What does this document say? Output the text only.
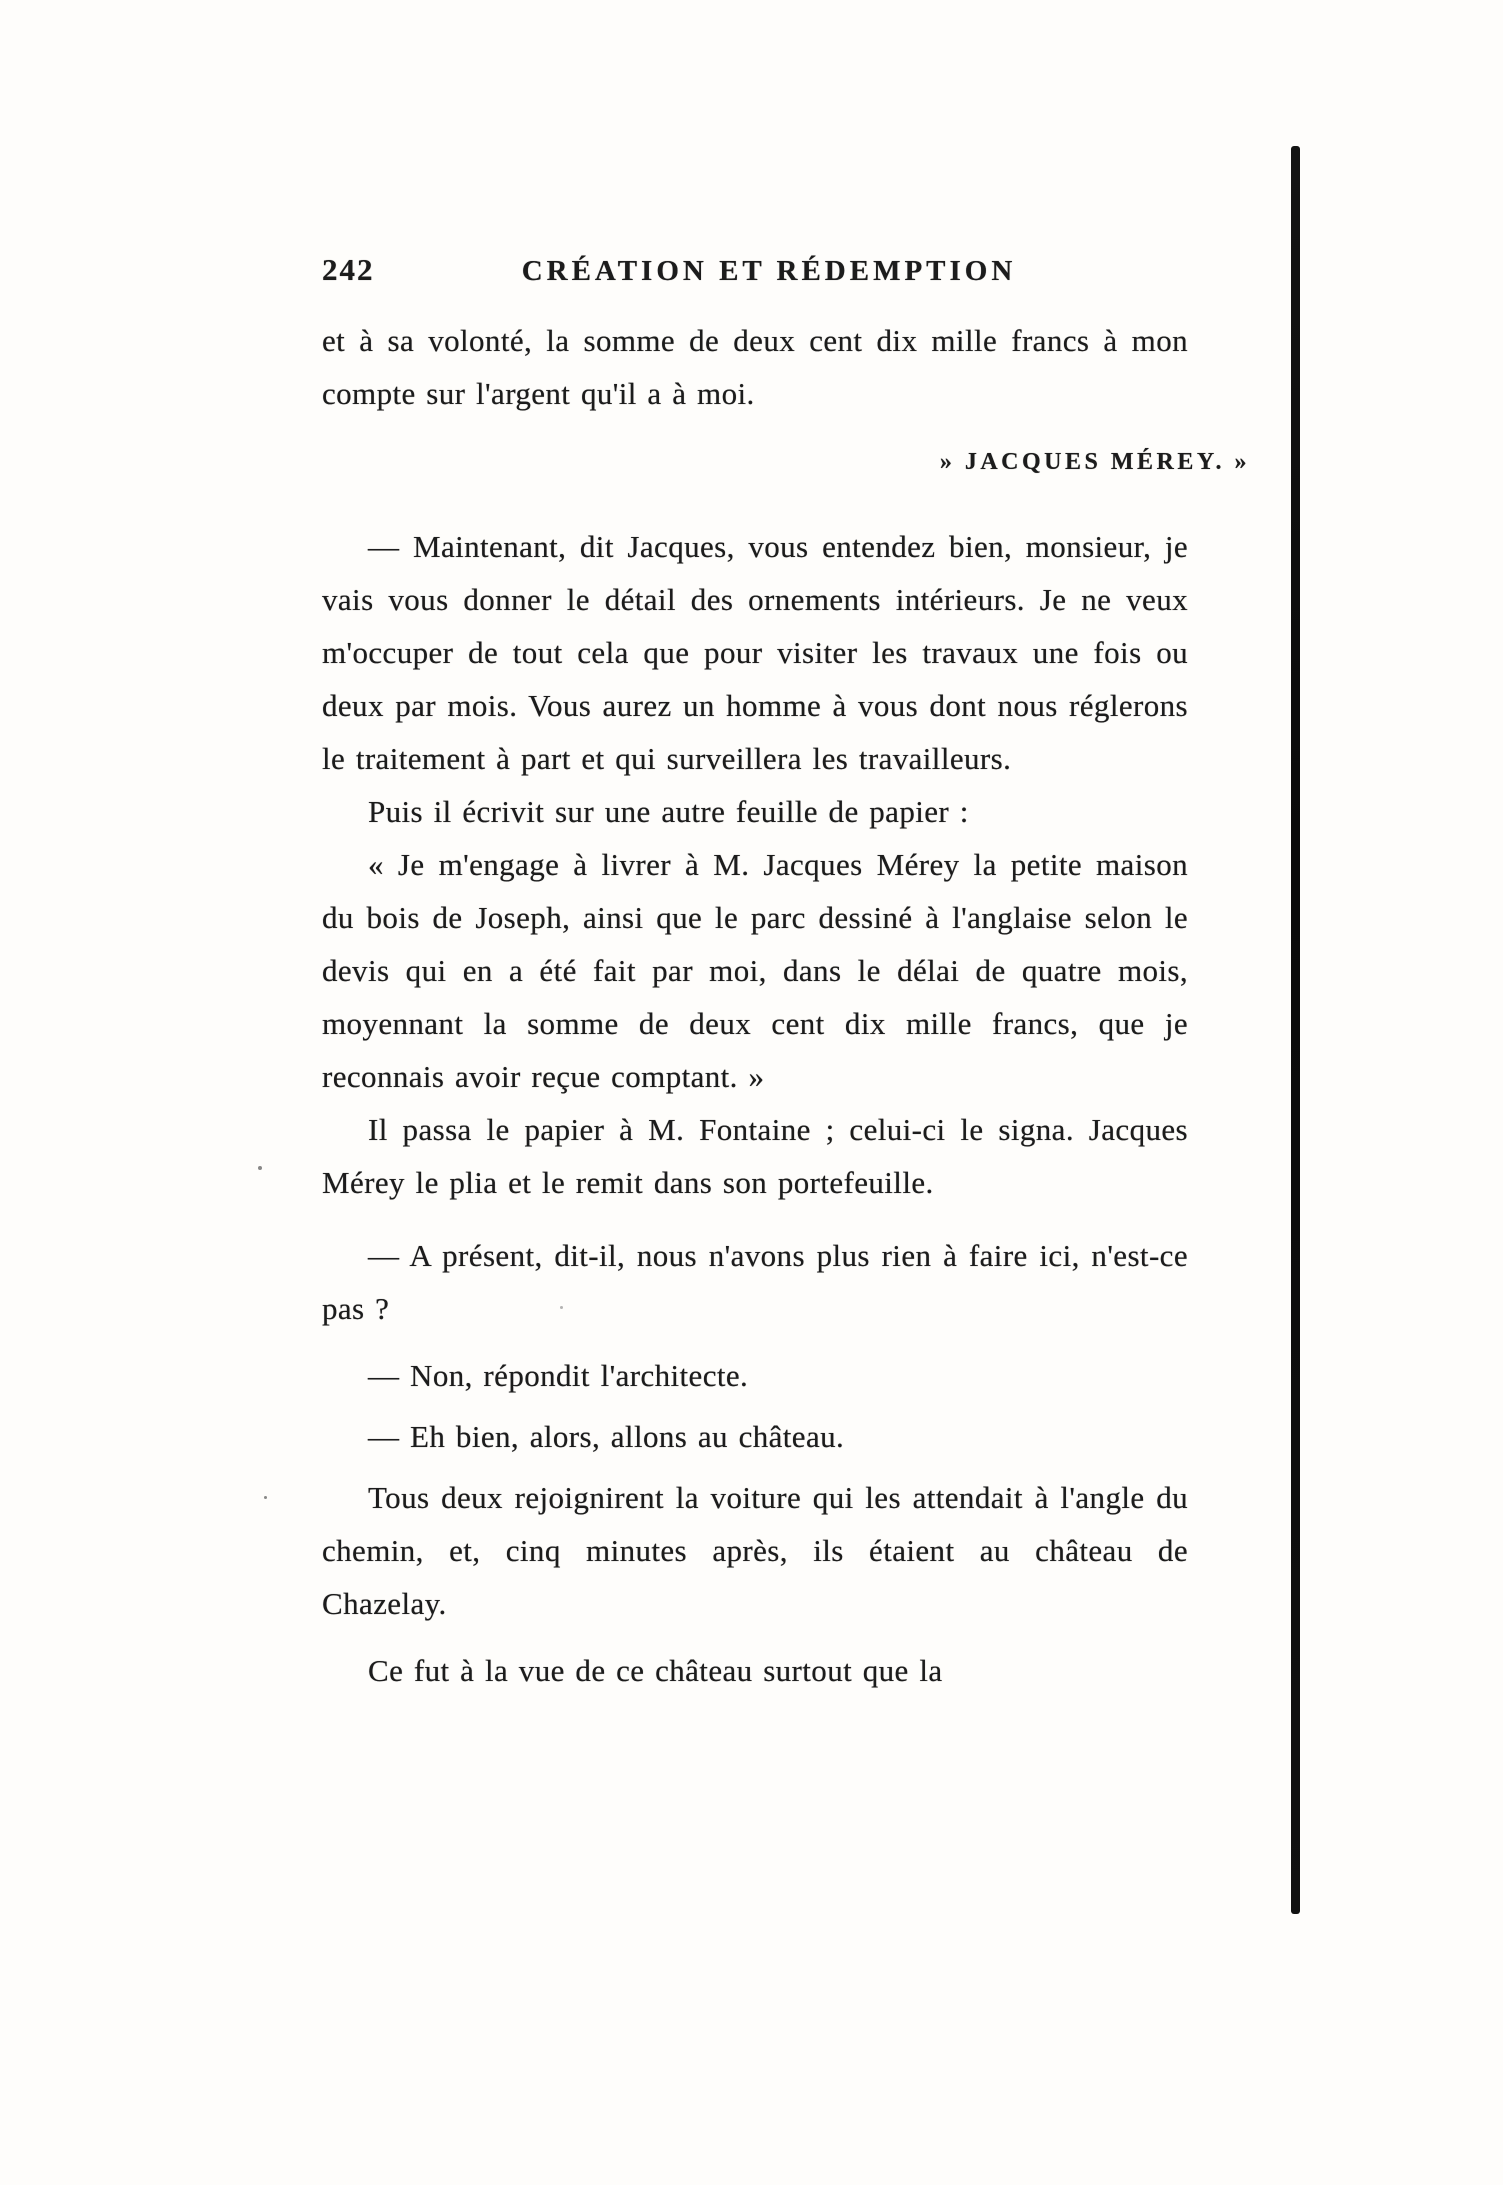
242	CRÉATION ET RÉDEMPTION

et à sa volonté, la somme de deux cent dix mille francs à mon compte sur l'argent qu'il a à moi.

» JACQUES MÉREY. »

— Maintenant, dit Jacques, vous entendez bien, monsieur, je vais vous donner le détail des ornements intérieurs. Je ne veux m'occuper de tout cela que pour visiter les travaux une fois ou deux par mois. Vous aurez un homme à vous dont nous réglerons le traitement à part et qui surveillera les travailleurs.

Puis il écrivit sur une autre feuille de papier :

« Je m'engage à livrer à M. Jacques Mérey la petite maison du bois de Joseph, ainsi que le parc dessiné à l'anglaise selon le devis qui en a été fait par moi, dans le délai de quatre mois, moyennant la somme de deux cent dix mille francs, que je reconnais avoir reçue comptant. »

Il passa le papier à M. Fontaine ; celui-ci le signa. Jacques Mérey le plia et le remit dans son portefeuille.

— A présent, dit-il, nous n'avons plus rien à faire ici, n'est-ce pas ?

— Non, répondit l'architecte.

— Eh bien, alors, allons au château.

Tous deux rejoignirent la voiture qui les attendait à l'angle du chemin, et, cinq minutes après, ils étaient au château de Chazelay.

Ce fut à la vue de ce château surtout que la
